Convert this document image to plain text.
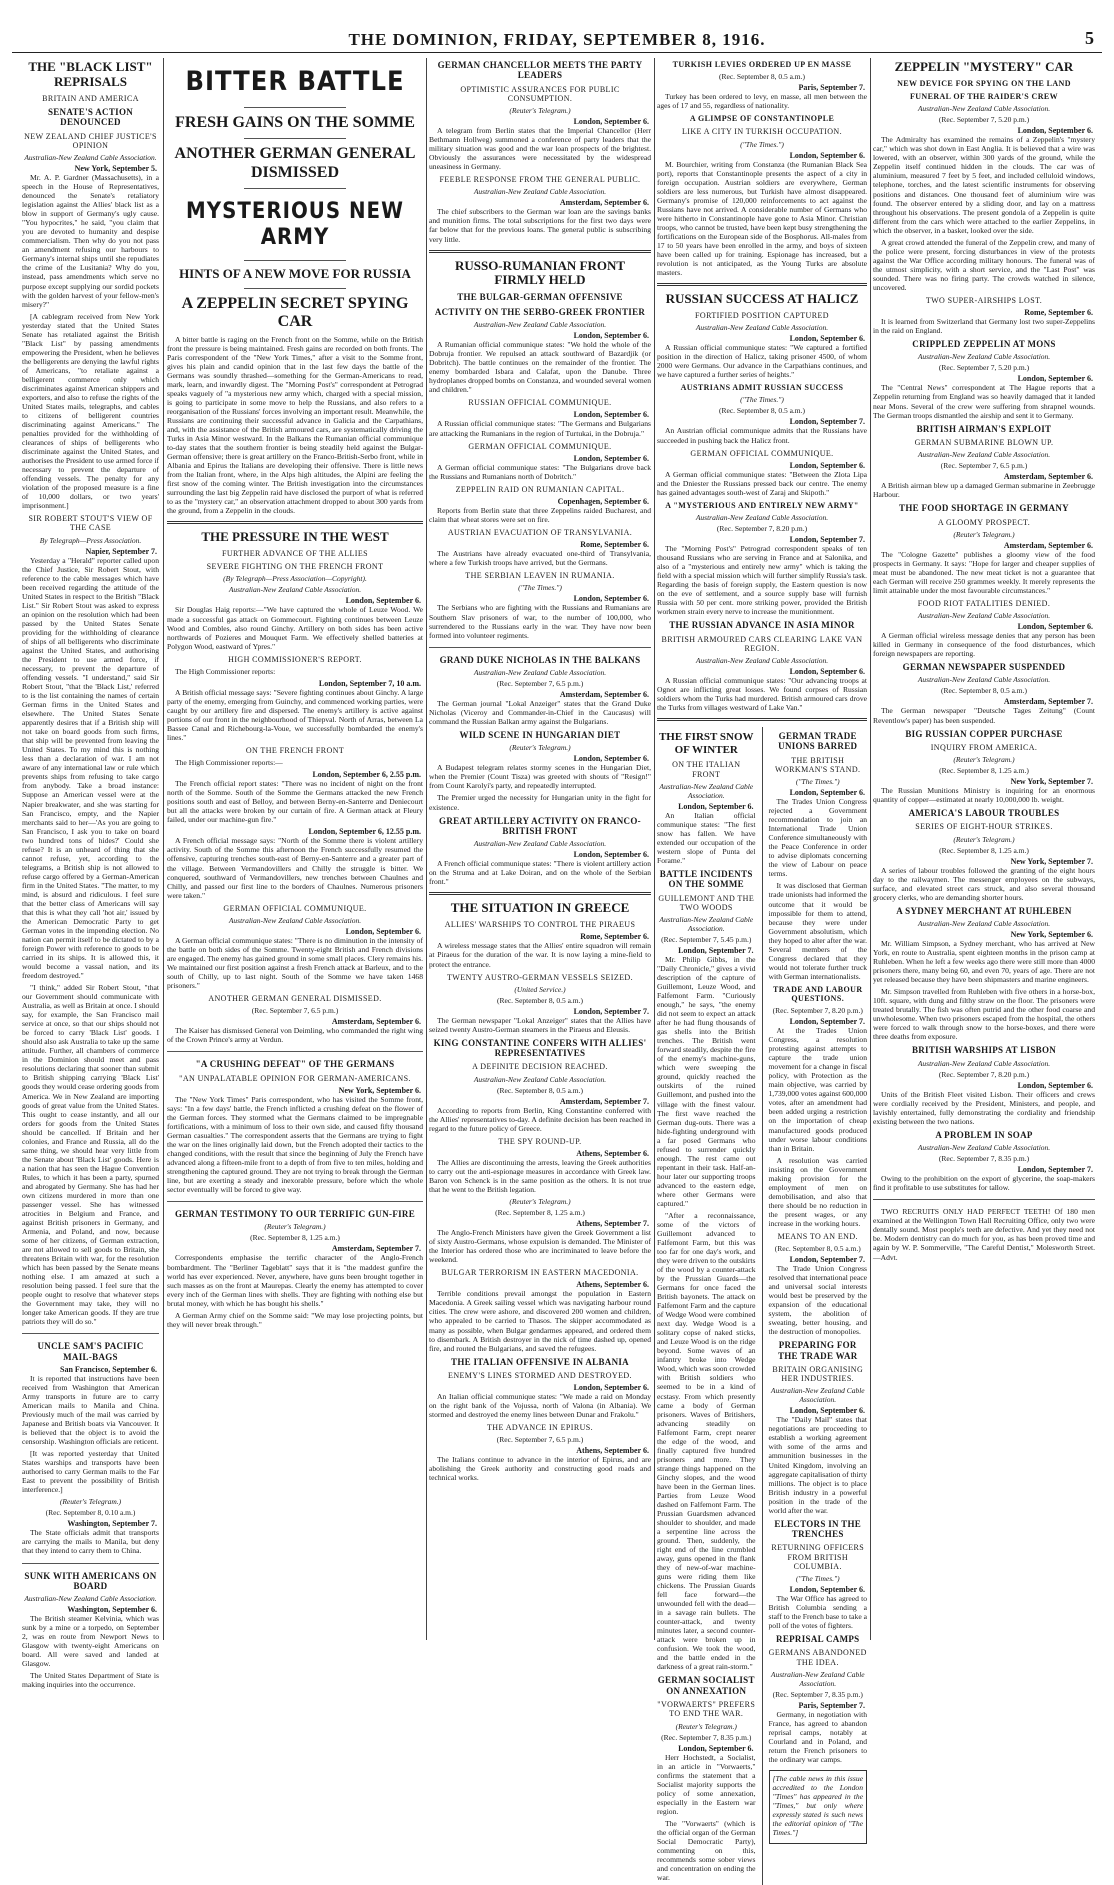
THE DOMINION, FRIDAY, SEPTEMBER 8, 1916.	5
THE "BLACK LIST" REPRISALS
BRITAIN AND AMERICA
SENATE'S ACTION DENOUNCED
NEW ZEALAND CHIEF JUSTICE'S OPINION
Australian-New Zealand Cable Association.
New York, September 5.

Mr. A. P. Gardner (Massachusetts), in a speech in the House of Representatives, denounced the Senate's retaliatory legislation against the Allies' black list as a blow in support of Germany's ugly cause. "You hypocrites," he said, "you claim that you are devoted to humanity and despise commercialism. Then why do you not pass an amendment refusing our harbours to Germany's internal ships until she repudiates the crime of the Lusitania? Why do you, instead, pass amendments which serve no purpose except supplying our sordid pockets with the golden harvest of your fellow-men's misery?"

[A cablegram received from New York yesterday stated that the United States Senate has retaliated against the British "Black List" by passing amendments empowering the President, when he believes the belligerents are denying the lawful rights of Americans, "to retaliate against a belligerent commerce only which discriminates against American shippers and exporters, and also to refuse the rights of the United States mails, telegraphs, and cables to citizens of belligerent countries discriminating against Americans." The penalties provided for the withholding of clearances of ships of belligerents who discriminate against the United States, and authorises the President to use armed force if necessary to prevent the departure of offending vessels. The penalty for any violation of the proposed measure is a fine of 10,000 dollars, or two years' imprisonment.]

SIR ROBERT STOUT'S VIEW OF THE CASE
By Telegraph—Press Association.
Napier, September 7.

Yesterday a "Herald" reporter called upon the Chief Justice, Sir Robert Stout, with reference to the cable messages which have been received regarding the attitude of the United States in respect to the British "Black List." Sir Robert Stout was asked to express an opinion on the resolution which had been passed by the United States Senate providing for the withholding of clearance of ships of all belligerents who discriminate against the United States, and authorising the President to use armed force, if necessary, to prevent the departure of offending vessels. "I understand," said Sir Robert Stout, "that the 'Black List,' referred to is the list containing the names of certain German firms in the United States and elsewhere. The United States Senate apparently desires that if a British ship will not take on board goods from such firms, that ship will be prevented from leaving the United States. To my mind this is nothing less than a declaration of war. I am not aware of any international law or rule which prevents ships from refusing to take cargo from anybody. Take a broad instance: Suppose an American vessel were at the Napier breakwater, and she was starting for San Francisco, empty, and the Napier merchants said to her—'As you are going to San Francisco, I ask you to take on board two hundred tons of hides?' Could she refuse? It is an unheard of thing that she cannot refuse, yet, according to the telegrams, a British ship is not allowed to refuse cargo offered by a German-American firm in the United States. "The matter, to my mind, is absurd and ridiculous. I feel sure that the better class of Americans will say that this is what they call 'hot air,' issued by the American Democratic Party to get German votes in the impending election. No nation can permit itself to be dictated to by a foreign Power with reference to goods to be carried in its ships. It is allowed this, it would become a vassal nation, and its freedom destroyed."

"I think," added Sir Robert Stout, "that our Government should communicate with Australia, as well as Britain at once. I should say, for example, the San Francisco mail service at once, so that our ships should not be forced to carry 'Black List' goods. I should also ask Australia to take up the same attitude. Further, all chambers of commerce in the Dominion should meet and pass resolutions declaring that sooner than submit to British shipping carrying 'Black List' goods they would cease ordering goods from America. We in New Zealand are importing goods of great value from the United States. This ought to cease instantly, and all our orders for goods from the United States should be cancelled. If Britain and her colonies, and France and Russia, all do the same thing, we should hear very little from the Senate about 'Black List' goods. Here is a nation that has seen the Hague Convention Rules, to which it has been a party, spurned and abrogated by Germany. She has had her own citizens murdered in more than one passenger vessel. She has witnessed atrocities in Belgium and France, and against British prisoners in Germany, and Armenia, and Poland, and now, because some of her citizens, of German extraction, are not allowed to sell goods to Britain, she threatens Britain with war, for the resolution which has been passed by the Senate means nothing else. I am amazed at such a resolution being passed. I feel sure that the people ought to resolve that whatever steps the Government may take, they will no longer take American goods. If they are true patriots they will do so."

UNCLE SAM'S PACIFIC MAIL-BAGS
San Francisco, September 6.

It is reported that instructions have been received from Washington that American Army transports in future are to carry American mails to Manila and China. Previously much of the mail was carried by Japanese and British boats via Vancouver. It is believed that the object is to avoid the censorship. Washington officials are reticent.

[It was reported yesterday that United States warships and transports have been authorised to carry German mails to the Far East to prevent the possibility of British interference.]

(Reuter's Telegram.)
(Rec. September 8, 0.10 a.m.)
Washington, September 7.

The State officials admit that transports are carrying the mails to Manila, but deny that they intend to carry them to China.

SUNK WITH AMERICANS ON BOARD
Australian-New Zealand Cable Association.
Washington, September 6.

The British steamer Kelvinia, which was sunk by a mine or a torpedo, on September 2, was en route from Newport News to Glasgow with twenty-eight Americans on board. All were saved and landed at Glasgow.

The United States Department of State is making inquiries into the occurrence.

BITTER BATTLE
FRESH GAINS ON THE SOMME
ANOTHER GERMAN GENERAL DISMISSED
MYSTERIOUS NEW ARMY
HINTS OF A NEW MOVE FOR RUSSIA
A ZEPPELIN SECRET SPYING CAR

A bitter battle is raging on the French front on the Somme, while on the British front the pressure is being maintained. Fresh gains are recorded on both fronts. The Paris correspondent of the "New York Times," after a visit to the Somme front, gives his plain and candid opinion that in the last few days the battle of the Germans was soundly thrashed—something for the German-Americans to read, mark, learn, and inwardly digest. The "Morning Post's" correspondent at Petrograd speaks vaguely of "a mysterious new army which, charged with a special mission, is going to participate in some move to help the Russians, and also refers to a reorganisation of the Russians' forces involving an important result. Meanwhile, the Russians are continuing their successful advance in Galicia and the Carpathians, and, with the assistance of the British armoured cars, are systematically driving the Turks in Asia Minor westward. In the Balkans the Rumanian official communique to-day states that the southern frontier is being steadily held against the Bulgar-German offensive; there is great artillery on the Franco-British-Serbo front, while in Albania and Epirus the Italians are developing their offensive. There is little news from the Italian front, where, in the Alps high altitudes, the Alpini are feeling the first snow of the coming winter. The British investigation into the circumstances surrounding the last big Zeppelin raid have disclosed the purport of what is referred to as the "mystery car," an observation attachment dropped to about 300 yards from the ground, from a Zeppelin in the clouds.

THE PRESSURE IN THE WEST
FURTHER ADVANCE OF THE ALLIES
SEVERE FIGHTING ON THE FRENCH FRONT
(By Telegraph—Press Association—Copyright).
Australian-New Zealand Cable Association.
London, September 6.

Sir Douglas Haig reports:—"We have captured the whole of Leuze Wood. We made a successful gas attack on Gommecourt. Fighting continues between Leuze Wood and Combles, also round Ginchy. Artillery on both sides has been active northwards of Pozieres and Mouquet Farm. We effectively shelled batteries at Polygon Wood, eastward of Ypres."

HIGH COMMISSIONER'S REPORT.

The High Commissioner reports:

London, September 7, 10 a.m.

A British official message says: "Severe fighting continues about Ginchy. A large party of the enemy, emerging from Guinchy, and commenced working parties, were caught by our artillery fire and dispersed. The enemy's artillery is active against portions of our front in the neighbourhood of Thiepval. North of Arras, between La Bassee Canal and Richebourg-la-Voue, we successfully bombarded the enemy's lines."

ON THE FRENCH FRONT

The High Commissioner reports:—

London, September 6, 2.55 p.m.

The French official report states: "There was no incident of night on the front north of the Somme. South of the Somme the Germans attacked the new French positions south and east of Belloy, and between Berny-en-Santerre and Deniecourt but all the attacks were broken by our curtain of fire. A German attack at Fleury failed, under our machine-gun fire."

London, September 6, 12.55 p.m.

A French official message says: "North of the Somme there is violent artillery activity. South of the Somme this afternoon the French successfully resumed the offensive, capturing trenches south-east of Berny-en-Santerre and a greater part of the village. Between Vermandovillers and Chilly the struggle is bitter. We conquered, southward of Vermandovillers, new trenches between Chaulnes and Chilly, and passed our first line to the borders of Chaulnes. Numerous prisoners were taken."

GERMAN OFFICIAL COMMUNIQUE.
Australian-New Zealand Cable Association.
London, September 6.

A German official communique states: "There is no diminution in the intensity of the battle on both sides of the Somme. Twenty-eight British and French divisions are engaged. The enemy has gained ground in some small places. Clery remains his. We maintained our first position against a fresh French attack at Barleux, and to the south of Chilly, up to last night. South of the Somme we have taken 1468 prisoners."

ANOTHER GERMAN GENERAL DISMISSED.
(Rec. September 7, 6.5 p.m.)
Amsterdam, September 6.

The Kaiser has dismissed General von Deimling, who commanded the right wing of the Crown Prince's army at Verdun.

"A CRUSHING DEFEAT" OF THE GERMANS
"AN UNPALATABLE OPINION FOR GERMAN-AMERICANS.
New York, September 6.

The "New York Times" Paris correspondent, who has visited the Somme front, says: "In a few days' battle, the French inflicted a crushing defeat on the flower of the German forces. They stormed what the Germans claimed to be impregnable fortifications, with a minimum of loss to their own side, and caused fifty thousand German casualties." The correspondent asserts that the Germans are trying to fight the war on the lines originally laid down, but the French adopted their tactics to the changed conditions, with the result that since the beginning of July the French have advanced along a fifteen-mile front to a depth of from five to ten miles, holding and strengthening the captured ground. They are not trying to break through the German line, but are exerting a steady and inexorable pressure, before which the whole sector eventually will be forced to give way.

GERMAN TESTIMONY TO OUR TERRIFIC GUN-FIRE
(Reuter's Telegram.)
(Rec. September 8, 1.25 a.m.)
Amsterdam, September 7.

Correspondents emphasise the terrific character of the Anglo-French bombardment. The "Berliner Tageblatt" says that it is "the maddest gunfire the world has ever experienced. Never, anywhere, have guns been brought together in such masses as on the front at Maurepas. Clearly the enemy has attempted to cover every inch of the German lines with shells. They are fighting with nothing else but brutal money, with which he has bought his shells."

A German Army chief on the Somme said: "We may lose projecting points, but they will never break through."

GERMAN CHANCELLOR MEETS THE PARTY LEADERS
OPTIMISTIC ASSURANCES FOR PUBLIC CONSUMPTION.
(Reuter's Telegram.)
London, September 6.

A telegram from Berlin states that the Imperial Chancellor (Herr Bethmann Hollweg) summoned a conference of party leaders that the military situation was good and the war loan prospects of the brightest. Obviously the assurances were necessitated by the widespread uneasiness in Germany.

FEEBLE RESPONSE FROM THE GENERAL PUBLIC.
Australian-New Zealand Cable Association.
Amsterdam, September 6.

The chief subscribers to the German war loan are the savings banks and munition firms. The total subscriptions for the first two days were far below that for the previous loans. The general public is subscribing very little.

RUSSO-RUMANIAN FRONT FIRMLY HELD
THE BULGAR-GERMAN OFFENSIVE
ACTIVITY ON THE SERBO-GREEK FRONTIER
Australian-New Zealand Cable Association.
London, September 6.

A Rumanian official communique states: "We hold the whole of the Dobruja frontier. We repulsed an attack southward of Bazardjik (or Dobritch). The battle continues on the remainder of the frontier. The enemy bombarded Isbara and Calafat, upon the Danube. Three hydroplanes dropped bombs on Constanza, and wounded several women and children."

RUSSIAN OFFICIAL COMMUNIQUE.
London, September 6.

A Russian official communique states: "The Germans and Bulgarians are attacking the Rumanians in the region of Turtukai, in the Dobruja."

GERMAN OFFICIAL COMMUNIQUE.
London, September 6.

A German official communique states: "The Bulgarians drove back the Russians and Rumanians north of Dobritch."

ZEPPELIN RAID ON RUMANIAN CAPITAL.
Copenhagen, September 6.

Reports from Berlin state that three Zeppelins raided Bucharest, and claim that wheat stores were set on fire.

AUSTRIAN EVACUATION OF TRANSYLVANIA.
Rome, September 6.

The Austrians have already evacuated one-third of Transylvania, where a few Turkish troops have arrived, but the Germans.

THE SERBIAN LEAVEN IN RUMANIA.
("The Times.")
London, September 6.

The Serbians who are fighting with the Russians and Rumanians are Southern Slav prisoners of war, to the number of 100,000, who surrendered to the Russians early in the war. They have now been formed into volunteer regiments.

GRAND DUKE NICHOLAS IN THE BALKANS
Australian-New Zealand Cable Association.
(Rec. September 7, 6.5 p.m.)
Amsterdam, September 6.

The German journal "Lokal Anzeiger" states that the Grand Duke Nicholas (Viceroy and Commander-in-Chief in the Caucasus) will command the Russian Balkan army against the Bulgarians.

WILD SCENE IN HUNGARIAN DIET
(Reuter's Telegram.)
London, September 6.

A Budapest telegram relates stormy scenes in the Hungarian Diet, when the Premier (Count Tisza) was greeted with shouts of "Resign!" from Count Karolyi's party, and repeatedly interrupted.

The Premier urged the necessity for Hungarian unity in the fight for existence.

GREAT ARTILLERY ACTIVITY ON FRANCO-BRITISH FRONT
Australian-New Zealand Cable Association.
London, September 6.

A French official communique states: "There is violent artillery action on the Struma and at Lake Doiran, and on the whole of the Serbian front."

THE SITUATION IN GREECE
ALLIES' WARSHIPS TO CONTROL THE PIRAEUS
Rome, September 6.

A wireless message states that the Allies' entire squadron will remain at Piraeus for the duration of the war. It is now laying a mine-field to protect the entrance.

TWENTY AUSTRO-GERMAN VESSELS SEIZED.
(United Service.)
(Rec. September 8, 0.5 a.m.)
London, September 7.

The German newspaper "Lokal Anzeiger" states that the Allies have seized twenty Austro-German steamers in the Piraeus and Eleusis.

KING CONSTANTINE CONFERS WITH ALLIES' REPRESENTATIVES
A DEFINITE DECISION REACHED.
Australian-New Zealand Cable Association.
(Rec. September 8, 0.5 a.m.)
Amsterdam, September 7.

According to reports from Berlin, King Constantine conferred with the Allies' representatives to-day. A definite decision has been reached in regard to the future policy of Greece.

THE SPY ROUND-UP.
Athens, September 6.

The Allies are discontinuing the arrests, leaving the Greek authorities to carry out the anti-espionage measures in accordance with Greek law. Baron von Schenck is in the same position as the others. It is not true that he went to the British legation.

(Reuter's Telegram.)
(Rec. September 8, 1.25 a.m.)
Athens, September 7.

The Anglo-French Ministers have given the Greek Government a list of sixty Austro-Germans, whose expulsion is demanded. The Minister of the Interior has ordered those who are incriminated to leave before the weekend.

BULGAR TERRORISM IN EASTERN MACEDONIA.
Athens, September 6.

Terrible conditions prevail amongst the population in Eastern Macedonia. A Greek sailing vessel which was navigating harbour round cities. The crew were ashore, and discovered 200 women and children, who appealed to be carried to Thasos. The skipper accommodated as many as possible, when Bulgar gendarmes appeared, and ordered them to disembark. A British destroyer in the nick of time dashed up, opened fire, and routed the Bulgarians, and saved the refugees.

THE ITALIAN OFFENSIVE IN ALBANIA
ENEMY'S LINES STORMED AND DESTROYED.
London, September 6.

An Italian official communique states: "We made a raid on Monday on the right bank of the Vojussa, north of Valona (in Albania). We stormed and destroyed the enemy lines between Dunar and Frakolu."

THE ADVANCE IN EPIRUS.
(Rec. September 7, 6.5 p.m.)
Athens, September 6.

The Italians continue to advance in the interior of Epirus, and are abolishing the Greek authority and constructing good roads and technical works.

TURKISH LEVIES ORDERED UP EN MASSE
(Rec. September 8, 0.5 a.m.)
Paris, September 7.

Turkey has been ordered to levy, en masse, all men between the ages of 17 and 55, regardless of nationality.

A GLIMPSE OF CONSTANTINOPLE
LIKE A CITY IN TURKISH OCCUPATION.
("The Times.")
London, September 6.

M. Bourchier, writing from Constanza (the Rumanian Black Sea port), reports that Constantinople presents the aspect of a city in foreign occupation. Austrian soldiers are everywhere, German soldiers are less numerous, but Turkish have almost disappeared. Germany's promise of 120,000 reinforcements to act against the Russians have not arrived. A considerable number of Germans who were hitherto in Constantinople have gone to Asia Minor. Christian troops, who cannot be trusted, have been kept busy strengthening the fortifications on the European side of the Bosphorus. All-males from 17 to 50 years have been enrolled in the army, and boys of sixteen have been called up for training. Espionage has increased, but a revolution is not anticipated, as the Young Turks are absolute masters.

RUSSIAN SUCCESS AT HALICZ
FORTIFIED POSITION CAPTURED
Australian-New Zealand Cable Association.
London, September 6.

A Russian official communique states: "We captured a fortified position in the direction of Halicz, taking prisoner 4500, of whom 2000 were Germans. Our advance in the Carpathians continues, and we have captured a further series of heights."

AUSTRIANS ADMIT RUSSIAN SUCCESS
("The Times.")
(Rec. September 8, 0.5 a.m.)
London, September 7.

An Austrian official communique admits that the Russians have succeeded in pushing back the Halicz front.

GERMAN OFFICIAL COMMUNIQUE.
London, September 6.

A German official communique states: "Between the Zlota Lipa and the Dniester the Russians pressed back our centre. The enemy has gained advantages south-west of Zaraj and Skipoth."

A "MYSTERIOUS AND ENTIRELY NEW ARMY"
Australian-New Zealand Cable Association.
(Rec. September 7, 8.20 p.m.)
London, September 7.

The "Morning Post's" Petrograd correspondent speaks of ten thousand Russians who are serving in France and at Salonika, and also of a "mysterious and entirely new army" which is taking the field with a special mission which will further simplify Russia's task. Regarding the basis of foreign supply, the Eastern question is now on the eve of settlement, and a source supply base will furnish Russia with 50 per cent. more striking power, provided the British workmen strain every nerve to increase the munitionment.

THE RUSSIAN ADVANCE IN ASIA MINOR
BRITISH ARMOURED CARS CLEARING LAKE VAN REGION.
Australian-New Zealand Cable Association.
London, September 6.

A Russian official communique states: "Our advancing troops at Ognot are inflicting great losses. We found corpses of Russian soldiers whom the Turks had murdered. British armoured cars drove the Turks from villages westward of Lake Van."

THE FIRST SNOW OF WINTER
ON THE ITALIAN FRONT
Australian-New Zealand Cable Association.
London, September 6.

An Italian official communique states: "The first snow has fallen. We have extended our occupation of the western slope of Punta del Forame."

BATTLE INCIDENTS ON THE SOMME
GUILLEMONT AND THE TWO WOODS
Australian-New Zealand Cable Association.
(Rec. September 7, 5.45 p.m.)
London, September 7.

Mr. Philip Gibbs, in the "Daily Chronicle," gives a vivid description of the capture of Guillemont, Leuze Wood, and Falfemont Farm. "Curiously enough," he says, "the enemy did not seem to expect an attack after he had flung thousands of gas shells into the British trenches. The British went forward steadily, despite the fire of the enemy's machine-guns, which were sweeping the ground, quickly reached the outskirts of the ruined Guillemont, and pushed into the village with the finest valour. The first wave reached the German dug-outs. There was a hide-fighting underground with a far posed Germans who refused to surrender quickly enough. The rest came out repentant in their task. Half-an-hour later our supporting troops advanced to the eastern edge, where other Germans were captured."

"After a reconnaissance, some of the victors of Guillemont advanced to Falfemont Farm, but this was too far for one day's work, and they were driven to the outskirts of the wood by a counter-attack by the Prussian Guards—the Germans for once faced the British bayonets. The attack on Falfemont Farm and the capture of Wedge Wood were combined next day. Wedge Wood is a solitary copse of naked sticks, and Leuze Wood is on the ridge beyond. Some waves of an infantry broke into Wedge Wood, which was soon crowded with British soldiers who seemed to be in a kind of ecstasy. From which presently came a body of German prisoners. Waves of Britishers, advancing steadily on Falfemont Farm, crept nearer the edge of the wood, and finally captured five hundred prisoners and more. They strange things happened on the Ginchy slopes, and the wood have been in the German lines. Parties from Leuze Wood dashed on Falfemont Farm. The Prussian Guardsmen advanced shoulder to shoulder, and made a serpentine line across the ground. Then, suddenly, the right end of the line crumbled away, guns opened in the flank they of new-of-war machine-guns were riding them like chickens. The Prussian Guards fell face forward—the unwounded fell with the dead—in a savage rain bullets. The counter-attack, and twenty minutes later, a second counter-attack were broken up in confusion. We took the wood, and the battle ended in the darkness of a great rain-storm."

GERMAN SOCIALIST ON ANNEXATION
"VORWAERTS" PREFERS TO END THE WAR.
(Reuter's Telegram.)
(Rec. September 7, 8.35 p.m.)
London, September 6.

Herr Hochstedt, a Socialist, in an article in "Vorwaerts," confirms the statement that a Socialist majority supports the policy of some annexation, especially in the Eastern war region.

The "Vorwaerts" (which is the official organ of the German Social Democratic Party), commenting on this, recommends some sober views and concentration on ending the war.

GERMAN TRADE UNIONS BARRED
THE BRITISH WORKMAN'S STAND.
("The Times.")
London, September 6.

The Trades Union Congress rejected a Government recommendation to join an International Trade Union Conference simultaneously with the Peace Conference in order to advise diplomats concerning the view of Labour on peace terms.

It was disclosed that German trade unionists had informed the outcome that it would be impossible for them to attend, because they were under Government absolutism, which they hoped to alter after the war. Several members of the Congress declared that they would not tolerate further truck with German internationalists.

TRADE AND LABOUR QUESTIONS.
(Rec. September 7, 8.20 p.m.)
London, September 7.

At the Trades Union Congress, a resolution protesting against attempts to capture the trade union movement for a change in fiscal policy, with Protection as the main objective, was carried by 1,739,000 votes against 600,000 votes, after an amendment had been added urging a restriction on the importation of cheap manufactured goods produced under worse labour conditions than in Britain.

A resolution was carried insisting on the Government making provision for the employment of men on demobilisation, and also that there should be no reduction in the present wages, or any increase in the working hours.

MEANS TO AN END.
(Rec. September 8, 0.5 a.m.)
London, September 7.

The Trade Union Congress resolved that international peace and universal social interests would best be preserved by the expansion of the educational system, the abolition of sweating, better housing, and the destruction of monopolies.

PREPARING FOR THE TRADE WAR
BRITAIN ORGANISING HER INDUSTRIES.
Australian-New Zealand Cable Association.
London, September 6.

The "Daily Mail" states that negotiations are proceeding to establish a working agreement with some of the arms and ammunition businesses in the United Kingdom, involving an aggregate capitalisation of thirty millions. The object is to place British industry in a powerful position in the trade of the world after the war.

ELECTORS IN THE TRENCHES
RETURNING OFFICERS FROM BRITISH COLUMBIA.
("The Times.")
London, September 6.

The War Office has agreed to British Columbia sending a staff to the French base to take a poll of the votes of fighters.

REPRISAL CAMPS
GERMANS ABANDONED THE IDEA.
Australian-New Zealand Cable Association.
(Rec. September 7, 8.35 p.m.)
Paris, September 7.

Germany, in negotiation with France, has agreed to abandon reprisal camps, notably at Courland and in Poland, and return the French prisoners to the ordinary war camps.

[The cable news in this issue accredited to the London "Times" has appeared in the "Times," but only where expressly stated is such news the editorial opinion of "The Times."]

ZEPPELIN "MYSTERY" CAR
NEW DEVICE FOR SPYING ON THE LAND
FUNERAL OF THE RAIDER'S CREW
Australian-New Zealand Cable Association.
(Rec. September 7, 5.20 p.m.)
London, September 6.

The Admiralty has examined the remains of a Zeppelin's "mystery car," which was shot down in East Anglia. It is believed that a wire was lowered, with an observer, within 300 yards of the ground, while the Zeppelin itself continued hidden in the clouds. The car was of aluminium, measured 7 feet by 5 feet, and included celluloid windows, telephone, torches, and the latest scientific instruments for observing positions and distances. One thousand feet of aluminium wire was found. The observer entered by a sliding door, and lay on a mattress throughout his observations. The present gondola of a Zeppelin is quite different from the cars which were attached to the earlier Zeppelins, in which the observer, in a basket, looked over the side.

A great crowd attended the funeral of the Zeppelin crew, and many of the police were present, forcing disturbances in view of the protests against the War Office according military honours. The funeral was of the utmost simplicity, with a short service, and the "Last Post" was sounded. There was no firing party. The crowds watched in silence, uncovered.

TWO SUPER-AIRSHIPS LOST.
Rome, September 6.

It is learned from Switzerland that Germany lost two super-Zeppelins in the raid on England.

CRIPPLED ZEPPELIN AT MONS
Australian-New Zealand Cable Association.
(Rec. September 7, 5.20 p.m.)
London, September 6.

The "Central News" correspondent at The Hague reports that a Zeppelin returning from England was so heavily damaged that it landed near Mons. Several of the crew were suffering from shrapnel wounds. The German troops dismantled the airship and sent it to Germany.

BRITISH AIRMAN'S EXPLOIT
GERMAN SUBMARINE BLOWN UP.
Australian-New Zealand Cable Association.
(Rec. September 7, 6.5 p.m.)
Amsterdam, September 6.

A British airman blew up a damaged German submarine in Zeebrugge Harbour.

THE FOOD SHORTAGE IN GERMANY
A GLOOMY PROSPECT.
(Reuter's Telegram.)
Amsterdam, September 6.

The "Cologne Gazette" publishes a gloomy view of the food prospects in Germany. It says: "Hope for larger and cheaper supplies of meat must be abandoned. The new meat ticket is not a guarantee that each German will receive 250 grammes weekly. It merely represents the limit attainable under the most favourable circumstances."

FOOD RIOT FATALITIES DENIED.
Australian-New Zealand Cable Association.
London, September 6.

A German official wireless message denies that any person has been killed in Germany in consequence of the food disturbances, which foreign newspapers are reporting.

GERMAN NEWSPAPER SUSPENDED
Australian-New Zealand Cable Association.
(Rec. September 8, 0.5 a.m.)
Amsterdam, September 7.

The German newspaper "Deutsche Tages Zeitung" (Count Reventlow's paper) has been suspended.

BIG RUSSIAN COPPER PURCHASE
INQUIRY FROM AMERICA.
(Reuter's Telegram.)
(Rec. September 8, 1.25 a.m.)
New York, September 7.

The Russian Munitions Ministry is inquiring for an enormous quantity of copper—estimated at nearly 10,000,000 lb. weight.

AMERICA'S LABOUR TROUBLES
SERIES OF EIGHT-HOUR STRIKES.
(Reuter's Telegram.)
(Rec. September 8, 1.25 a.m.)
New York, September 7.

A series of labour troubles followed the granting of the eight hours day to the railwaymen. The messenger employees on the subways, surface, and elevated street cars struck, and also several thousand grocery clerks, who are demanding shorter hours.

A SYDNEY MERCHANT AT RUHLEBEN
Australian-New Zealand Cable Association.
New York, September 6.

Mr. William Simpson, a Sydney merchant, who has arrived at New York, en route to Australia, spent eighteen months in the prison camp at Ruhleben. When he left a few weeks ago there were still more than 4000 prisoners there, many being 60, and even 70, years of age. There are not yet released because they have been shipmasters and marine engineers.

Mr. Simpson travelled from Ruhleben with five others in a horse-box, 10ft. square, with dung and filthy straw on the floor. The prisoners were treated brutally. The fish was often putrid and the other food coarse and unwholesome. When two prisoners escaped from the hospital, the others were forced to walk through snow to the horse-boxes, and there were three deaths from exposure.

BRITISH WARSHIPS AT LISBON
Australian-New Zealand Cable Association.
(Rec. September 7, 8.20 p.m.)
London, September 6.

Units of the British Fleet visited Lisbon. Their officers and crews were cordially received by the President, Ministers, and people, and lavishly entertained, fully demonstrating the cordiality and friendship existing between the two nations.

A PROBLEM IN SOAP
Australian-New Zealand Cable Association.
(Rec. September 7, 8.35 p.m.)
London, September 7.

Owing to the prohibition on the export of glycerine, the soap-makers find it profitable to use substitutes for tallow.

TWO RECRUITS ONLY HAD PERFECT TEETH! Of 180 men examined at the Wellington Town Hall Recruiting Office, only two were dentally sound. Most people's teeth are defective. And yet they need not be. Modern dentistry can do much for you, as has been proved time and again by W. P. Sommerville, "The Careful Dentist," Molesworth Street.—Advt.
